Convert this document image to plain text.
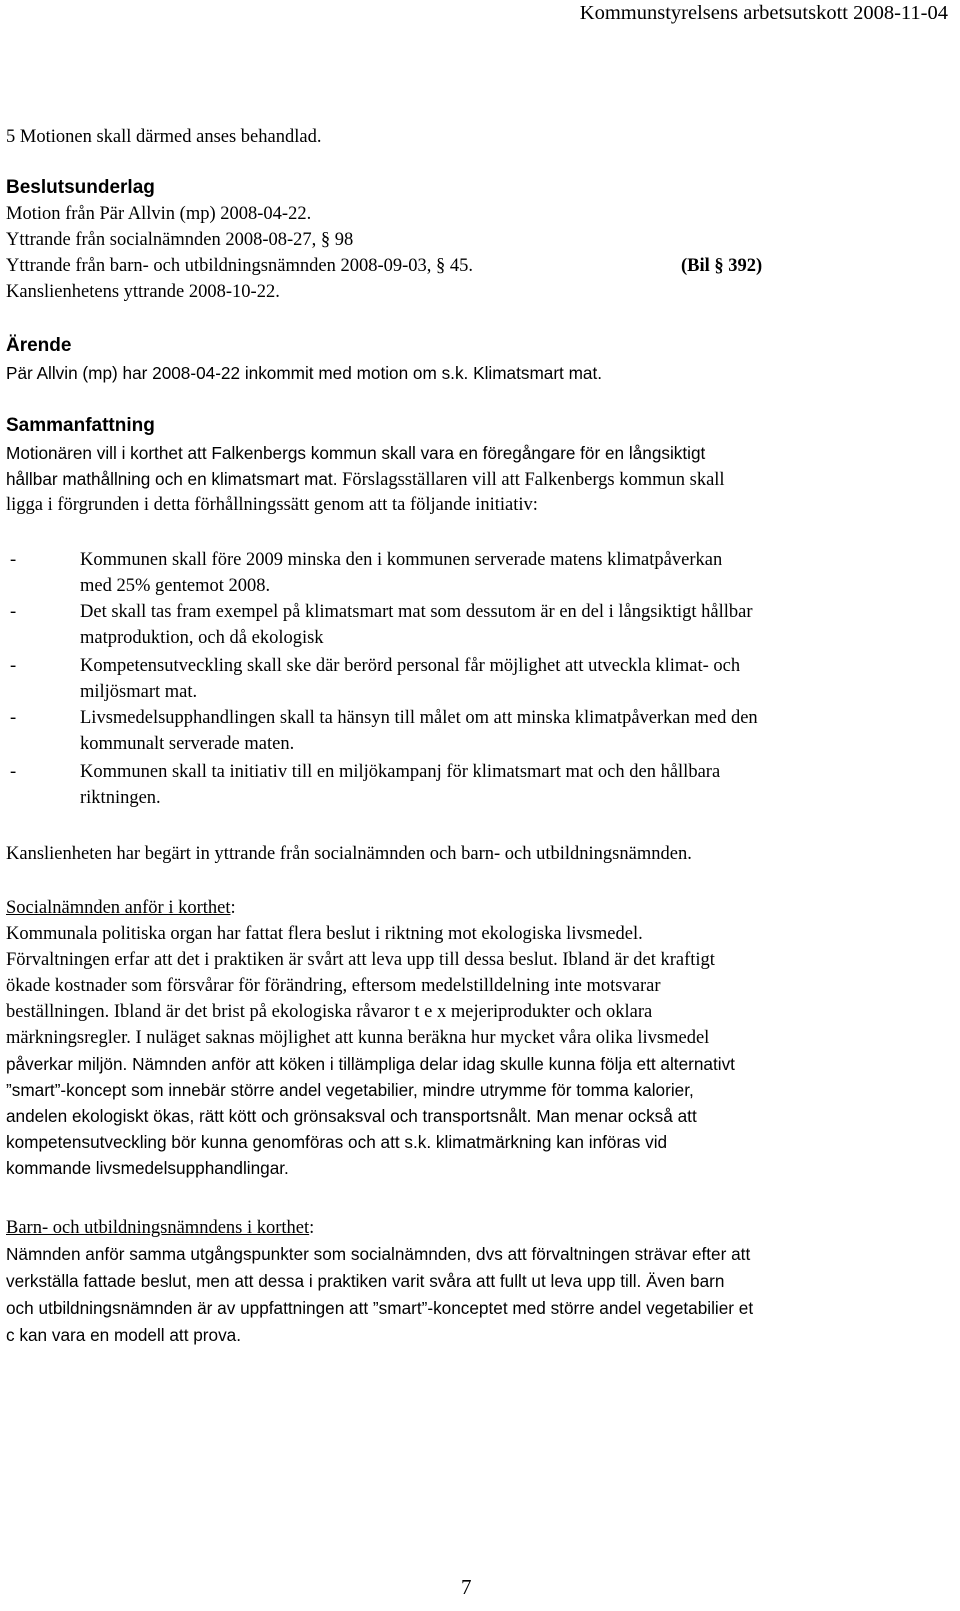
Kommunstyrelsens arbetsutskott 2008-11-04
5 Motionen skall därmed anses behandlad.
Beslutsunderlag
Motion från Pär Allvin (mp) 2008-04-22.
Yttrande från socialnämnden 2008-08-27, § 98
Yttrande från barn- och utbildningsnämnden 2008-09-03, § 45.	(Bil § 392)
Kanslienhetens yttrande 2008-10-22.
Ärende
Pär Allvin (mp) har 2008-04-22 inkommit med motion om s.k. Klimatsmart mat.
Sammanfattning
Motionären vill i korthet att Falkenbergs kommun skall vara en föregångare för en långsiktigt
hållbar mathållning och en klimatsmart mat. Förslagsställaren vill att Falkenbergs kommun skall
ligga i förgrunden i detta förhållningssätt genom att ta följande initiativ:
-	Kommunen skall före 2009 minska den i kommunen serverade matens klimatpåverkan
med 25% gentemot 2008.
-	Det skall tas fram exempel på klimatsmart mat som dessutom är en del i långsiktigt hållbar
matproduktion, och då ekologisk
-	Kompetensutveckling skall ske där berörd personal får möjlighet att utveckla klimat- och
miljösmart mat.
-	Livsmedelsupphandlingen skall ta hänsyn till målet om att minska klimatpåverkan med den
kommunalt serverade maten.
-	Kommunen skall ta initiativ till en miljökampanj för klimatsmart mat och den hållbara
riktningen.
Kanslienheten har begärt in yttrande från socialnämnden och barn- och utbildningsnämnden.
Socialnämnden anför i korthet:
Kommunala politiska organ har fattat flera beslut i riktning mot ekologiska livsmedel.
Förvaltningen erfar att det i praktiken är svårt att leva upp till dessa beslut. Ibland är det kraftigt
ökade kostnader som försvårar för förändring, eftersom medelstilldelning inte motsvarar
beställningen. Ibland är det brist på ekologiska råvaror t e x mejeriprodukter och oklara
märkningsregler. I nuläget saknas möjlighet att kunna beräkna hur mycket våra olika livsmedel
påverkar miljön. Nämnden anför att köken i tillämpliga delar idag skulle kunna följa ett alternativt
”smart”-koncept som innebär större andel vegetabilier, mindre utrymme för tomma kalorier,
andelen ekologiskt ökas, rätt kött och grönsaksval och transportsnålt. Man menar också att
kompetensutveckling bör kunna genomföras och att s.k. klimatmärkning kan införas vid
kommande livsmedelsupphandlingar.
Barn- och utbildningsnämndens i korthet:
Nämnden anför samma utgångspunkter som socialnämnden, dvs att förvaltningen strävar efter att
verkställa fattade beslut, men att dessa i praktiken varit svåra att fullt ut leva upp till. Även barn
och utbildningsnämnden är av uppfattningen att ”smart”-konceptet med större andel vegetabilier et
c kan vara en modell att prova.
7
